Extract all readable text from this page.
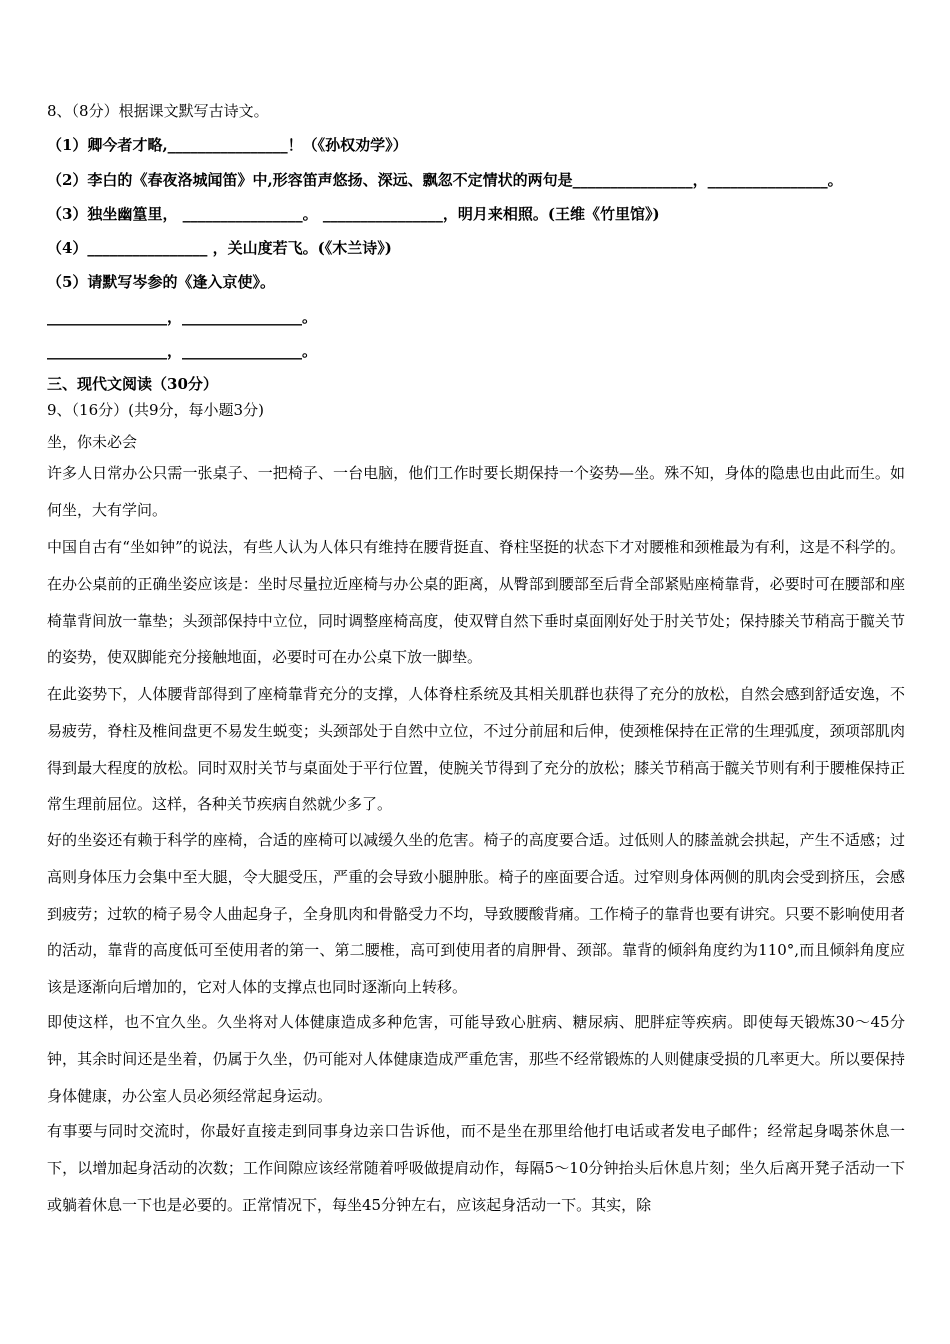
8、（8分）根据课文默写古诗文。
（1）卿今者才略,________________！（《孙权劝学》）
（2）李白的《春夜洛城闻笛》中,形容笛声悠扬、深远、飘忽不定情状的两句是________________，________________。
（3）独坐幽篁里， ________________。 ________________，明月来相照。(王维《竹里馆》)
（4）________________ ，关山度若飞。(《木兰诗》)
（5）请默写岑参的《逢入京使》。
________________，________________。
________________，________________。
三、现代文阅读（30分）
9、（16分）(共9分，每小题3分)
坐，你未必会
许多人日常办公只需一张桌子、一把椅子、一台电脑，他们工作时要长期保持一个姿势—坐。殊不知，身体的隐患也由此而生。如何坐，大有学问。
中国自古有“坐如钟”的说法，有些人认为人体只有维持在腰背挺直、脊柱坚挺的状态下才对腰椎和颈椎最为有利，这是不科学的。在办公桌前的正确坐姿应该是：坐时尽量拉近座椅与办公桌的距离，从臀部到腰部至后背全部紧贴座椅靠背，必要时可在腰部和座椅靠背间放一靠垫；头颈部保持中立位，同时调整座椅高度，使双臂自然下垂时桌面刚好处于肘关节处；保持膝关节稍高于髋关节的姿势，使双脚能充分接触地面，必要时可在办公桌下放一脚垫。
在此姿势下，人体腰背部得到了座椅靠背充分的支撑，人体脊柱系统及其相关肌群也获得了充分的放松，自然会感到舒适安逸，不易疲劳，脊柱及椎间盘更不易发生蜕变；头颈部处于自然中立位，不过分前屈和后伸，使颈椎保持在正常的生理弧度，颈项部肌肉得到最大程度的放松。同时双肘关节与桌面处于平行位置，使腕关节得到了充分的放松；膝关节稍高于髋关节则有利于腰椎保持正常生理前屈位。这样，各种关节疾病自然就少多了。
好的坐姿还有赖于科学的座椅，合适的座椅可以减缓久坐的危害。椅子的高度要合适。过低则人的膝盖就会拱起，产生不适感；过高则身体压力会集中至大腿，令大腿受压，严重的会导致小腿肿胀。椅子的座面要合适。过窄则身体两侧的肌肉会受到挤压，会感到疲劳；过软的椅子易令人曲起身子，全身肌肉和骨骼受力不均，导致腰酸背痛。工作椅子的靠背也要有讲究。只要不影响使用者的活动，靠背的高度低可至使用者的第一、第二腰椎，高可到使用者的肩胛骨、颈部。靠背的倾斜角度约为110°,而且倾斜角度应该是逐渐向后增加的，它对人体的支撑点也同时逐渐向上转移。
即使这样，也不宜久坐。久坐将对人体健康造成多种危害，可能导致心脏病、糖尿病、肥胖症等疾病。即使每天锻炼30～45分钟，其余时间还是坐着，仍属于久坐，仍可能对人体健康造成严重危害，那些不经常锻炼的人则健康受损的几率更大。所以要保持身体健康，办公室人员必须经常起身运动。
有事要与同时交流时，你最好直接走到同事身边亲口告诉他，而不是坐在那里给他打电话或者发电子邮件；经常起身喝茶休息一下，以增加起身活动的次数；工作间隙应该经常随着呼吸做提肩动作，每隔5～10分钟抬头后休息片刻；坐久后离开凳子活动一下或躺着休息一下也是必要的。正常情况下，每坐45分钟左右，应该起身活动一下。其实，除
